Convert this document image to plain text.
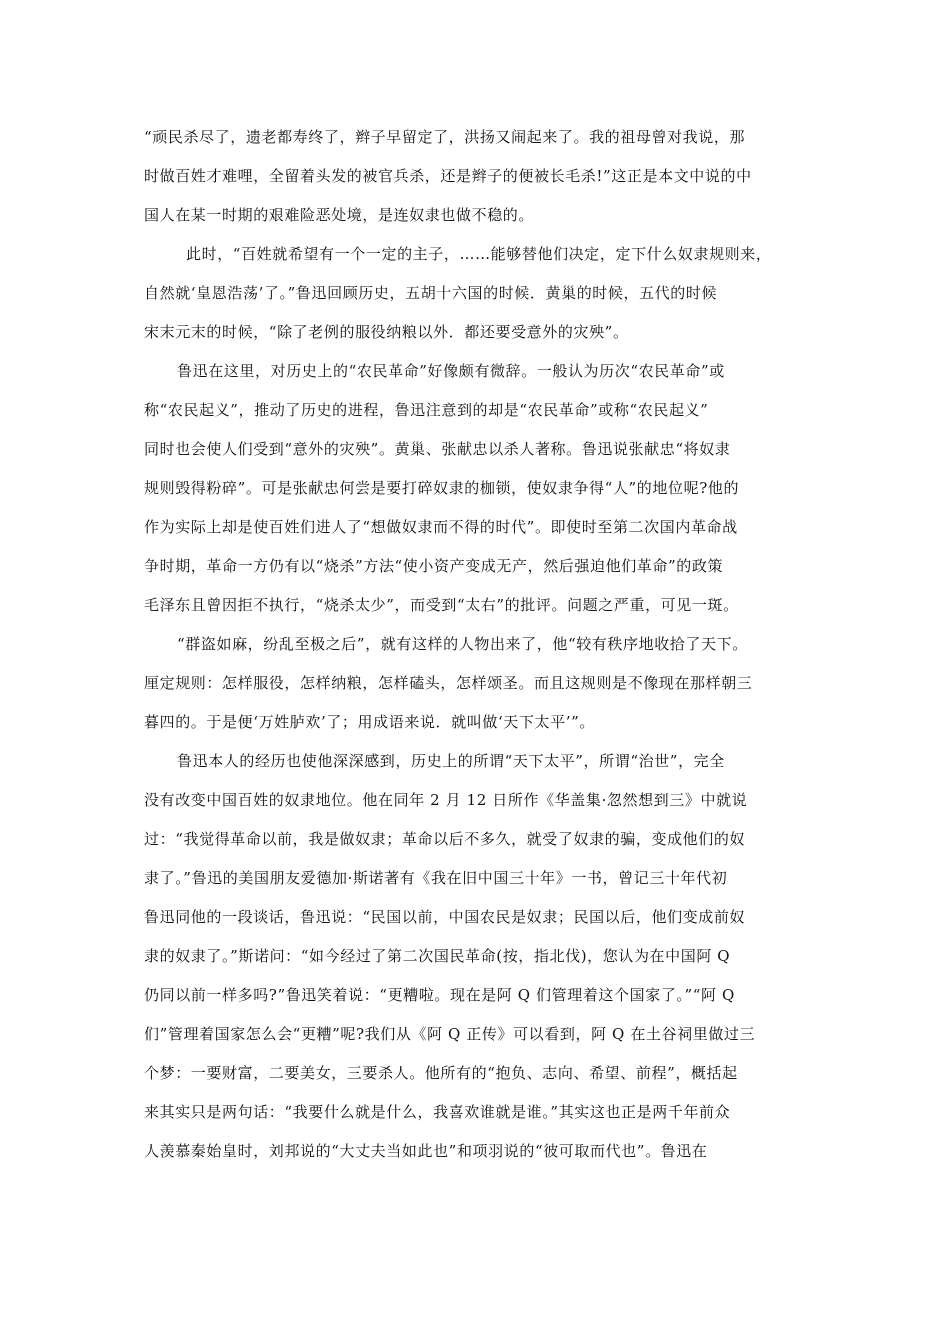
“顽民杀尽了，遗老都寿终了，辫子早留定了，洪扬又闹起来了。我的祖母曾对我说，那
时做百姓才难哩，全留着头发的被官兵杀，还是辫子的便被长毛杀!”这正是本文中说的中
国人在某一时期的艰难险恶处境，是连奴隶也做不稳的。
此时，“百姓就希望有一个一定的主子，……能够替他们决定，定下什么奴隶规则来，
自然就‘皇恩浩荡’了。”鲁迅回顾历史，五胡十六国的时候．黄巢的时候，五代的时候
宋末元末的时候，“除了老例的服役纳粮以外．都还要受意外的灾殃”。
鲁迅在这里，对历史上的“农民革命”好像颇有微辞。一般认为历次“农民革命”或
称“农民起义”，推动了历史的进程，鲁迅注意到的却是“农民革命”或称“农民起义”
同时也会使人们受到“意外的灾殃”。黄巢、张献忠以杀人著称。鲁迅说张献忠“将奴隶
规则毁得粉碎”。可是张献忠何尝是要打碎奴隶的枷锁，使奴隶争得“人”的地位呢?他的
作为实际上却是使百姓们进人了“想做奴隶而不得的时代”。即使时至第二次国内革命战
争时期，革命一方仍有以“烧杀”方法“使小资产变成无产，然后强迫他们革命”的政策
毛泽东且曾因拒不执行，“烧杀太少”，而受到“太右”的批评。问题之严重，可见一斑。
“群盗如麻，纷乱至极之后”，就有这样的人物出来了，他“较有秩序地收拾了天下。
厘定规则：怎样服役，怎样纳粮，怎样磕头，怎样颂圣。而且这规则是不像现在那样朝三
暮四的。于是便‘万姓胪欢’了；用成语来说．就叫做‘天下太平’”。
鲁迅本人的经历也使他深深感到，历史上的所谓“天下太平”，所谓“治世”，完全
没有改变中国百姓的奴隶地位。他在同年 2 月 12 日所作《华盖集·忽然想到三》中就说
过：“我觉得革命以前，我是做奴隶；革命以后不多久，就受了奴隶的骗，变成他们的奴
隶了。”鲁迅的美国朋友爱德加·斯诺著有《我在旧中国三十年》一书，曾记三十年代初
鲁迅同他的一段谈话，鲁迅说：“民国以前，中国农民是奴隶；民国以后，他们变成前奴
隶的奴隶了。”斯诺问：“如今经过了第二次国民革命(按，指北伐)，您认为在中国阿 Q
仍同以前一样多吗?”鲁迅笑着说：“更糟啦。现在是阿 Q 们管理着这个国家了。”“阿 Q
们”管理着国家怎么会“更糟”呢?我们从《阿 Q 正传》可以看到，阿 Q 在土谷祠里做过三
个梦：一要财富，二要美女，三要杀人。他所有的“抱负、志向、希望、前程”，概括起
来其实只是两句话：“我要什么就是什么，我喜欢谁就是谁。”其实这也正是两千年前众
人羡慕秦始皇时，刘邦说的“大丈夫当如此也”和项羽说的“彼可取而代也”。鲁迅在
